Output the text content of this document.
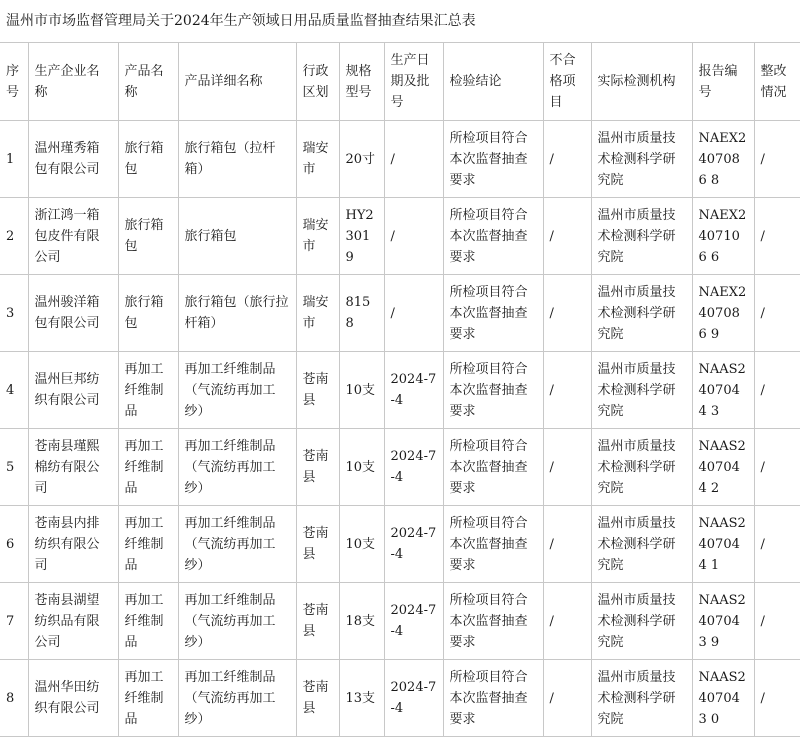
温州市市场监督管理局关于2024年生产领域日用品质量监督抽查结果汇总表
序号	生产企业名称	产品名称	产品详细名称	行政区划	规格型号	生产日期及批号	检验结论	不合格项目	实际检测机构	报告编号	整改情况
1	温州瑾秀箱包有限公司	旅行箱包	旅行箱包（拉杆箱）	瑞安市	20寸	/	所检项目符合本次监督抽查要求	/	温州市质量技术检测科学研究院	NAEX2407086 8	/
2	浙江鸿一箱包皮件有限公司	旅行箱包	旅行箱包	瑞安市	HY23019	/	所检项目符合本次监督抽查要求	/	温州市质量技术检测科学研究院	NAEX2407106 6	/
3	温州骏洋箱包有限公司	旅行箱包	旅行箱包（旅行拉杆箱）	瑞安市	8158	/	所检项目符合本次监督抽查要求	/	温州市质量技术检测科学研究院	NAEX2407086 9	/
4	温州巨邦纺织有限公司	再加工纤维制品	再加工纤维制品（气流纺再加工纱）	苍南县	10支	2024-7-4	所检项目符合本次监督抽查要求	/	温州市质量技术检测科学研究院	NAAS2407044 3	/
5	苍南县瑾熙棉纺有限公司	再加工纤维制品	再加工纤维制品（气流纺再加工纱）	苍南县	10支	2024-7-4	所检项目符合本次监督抽查要求	/	温州市质量技术检测科学研究院	NAAS2407044 2	/
6	苍南县内排纺织有限公司	再加工纤维制品	再加工纤维制品（气流纺再加工纱）	苍南县	10支	2024-7-4	所检项目符合本次监督抽查要求	/	温州市质量技术检测科学研究院	NAAS2407044 1	/
7	苍南县湖望纺织品有限公司	再加工纤维制品	再加工纤维制品（气流纺再加工纱）	苍南县	18支	2024-7-4	所检项目符合本次监督抽查要求	/	温州市质量技术检测科学研究院	NAAS2407043 9	/
8	温州华田纺织有限公司	再加工纤维制品	再加工纤维制品（气流纺再加工纱）	苍南县	13支	2024-7-4	所检项目符合本次监督抽查要求	/	温州市质量技术检测科学研究院	NAAS2407043 0	/
